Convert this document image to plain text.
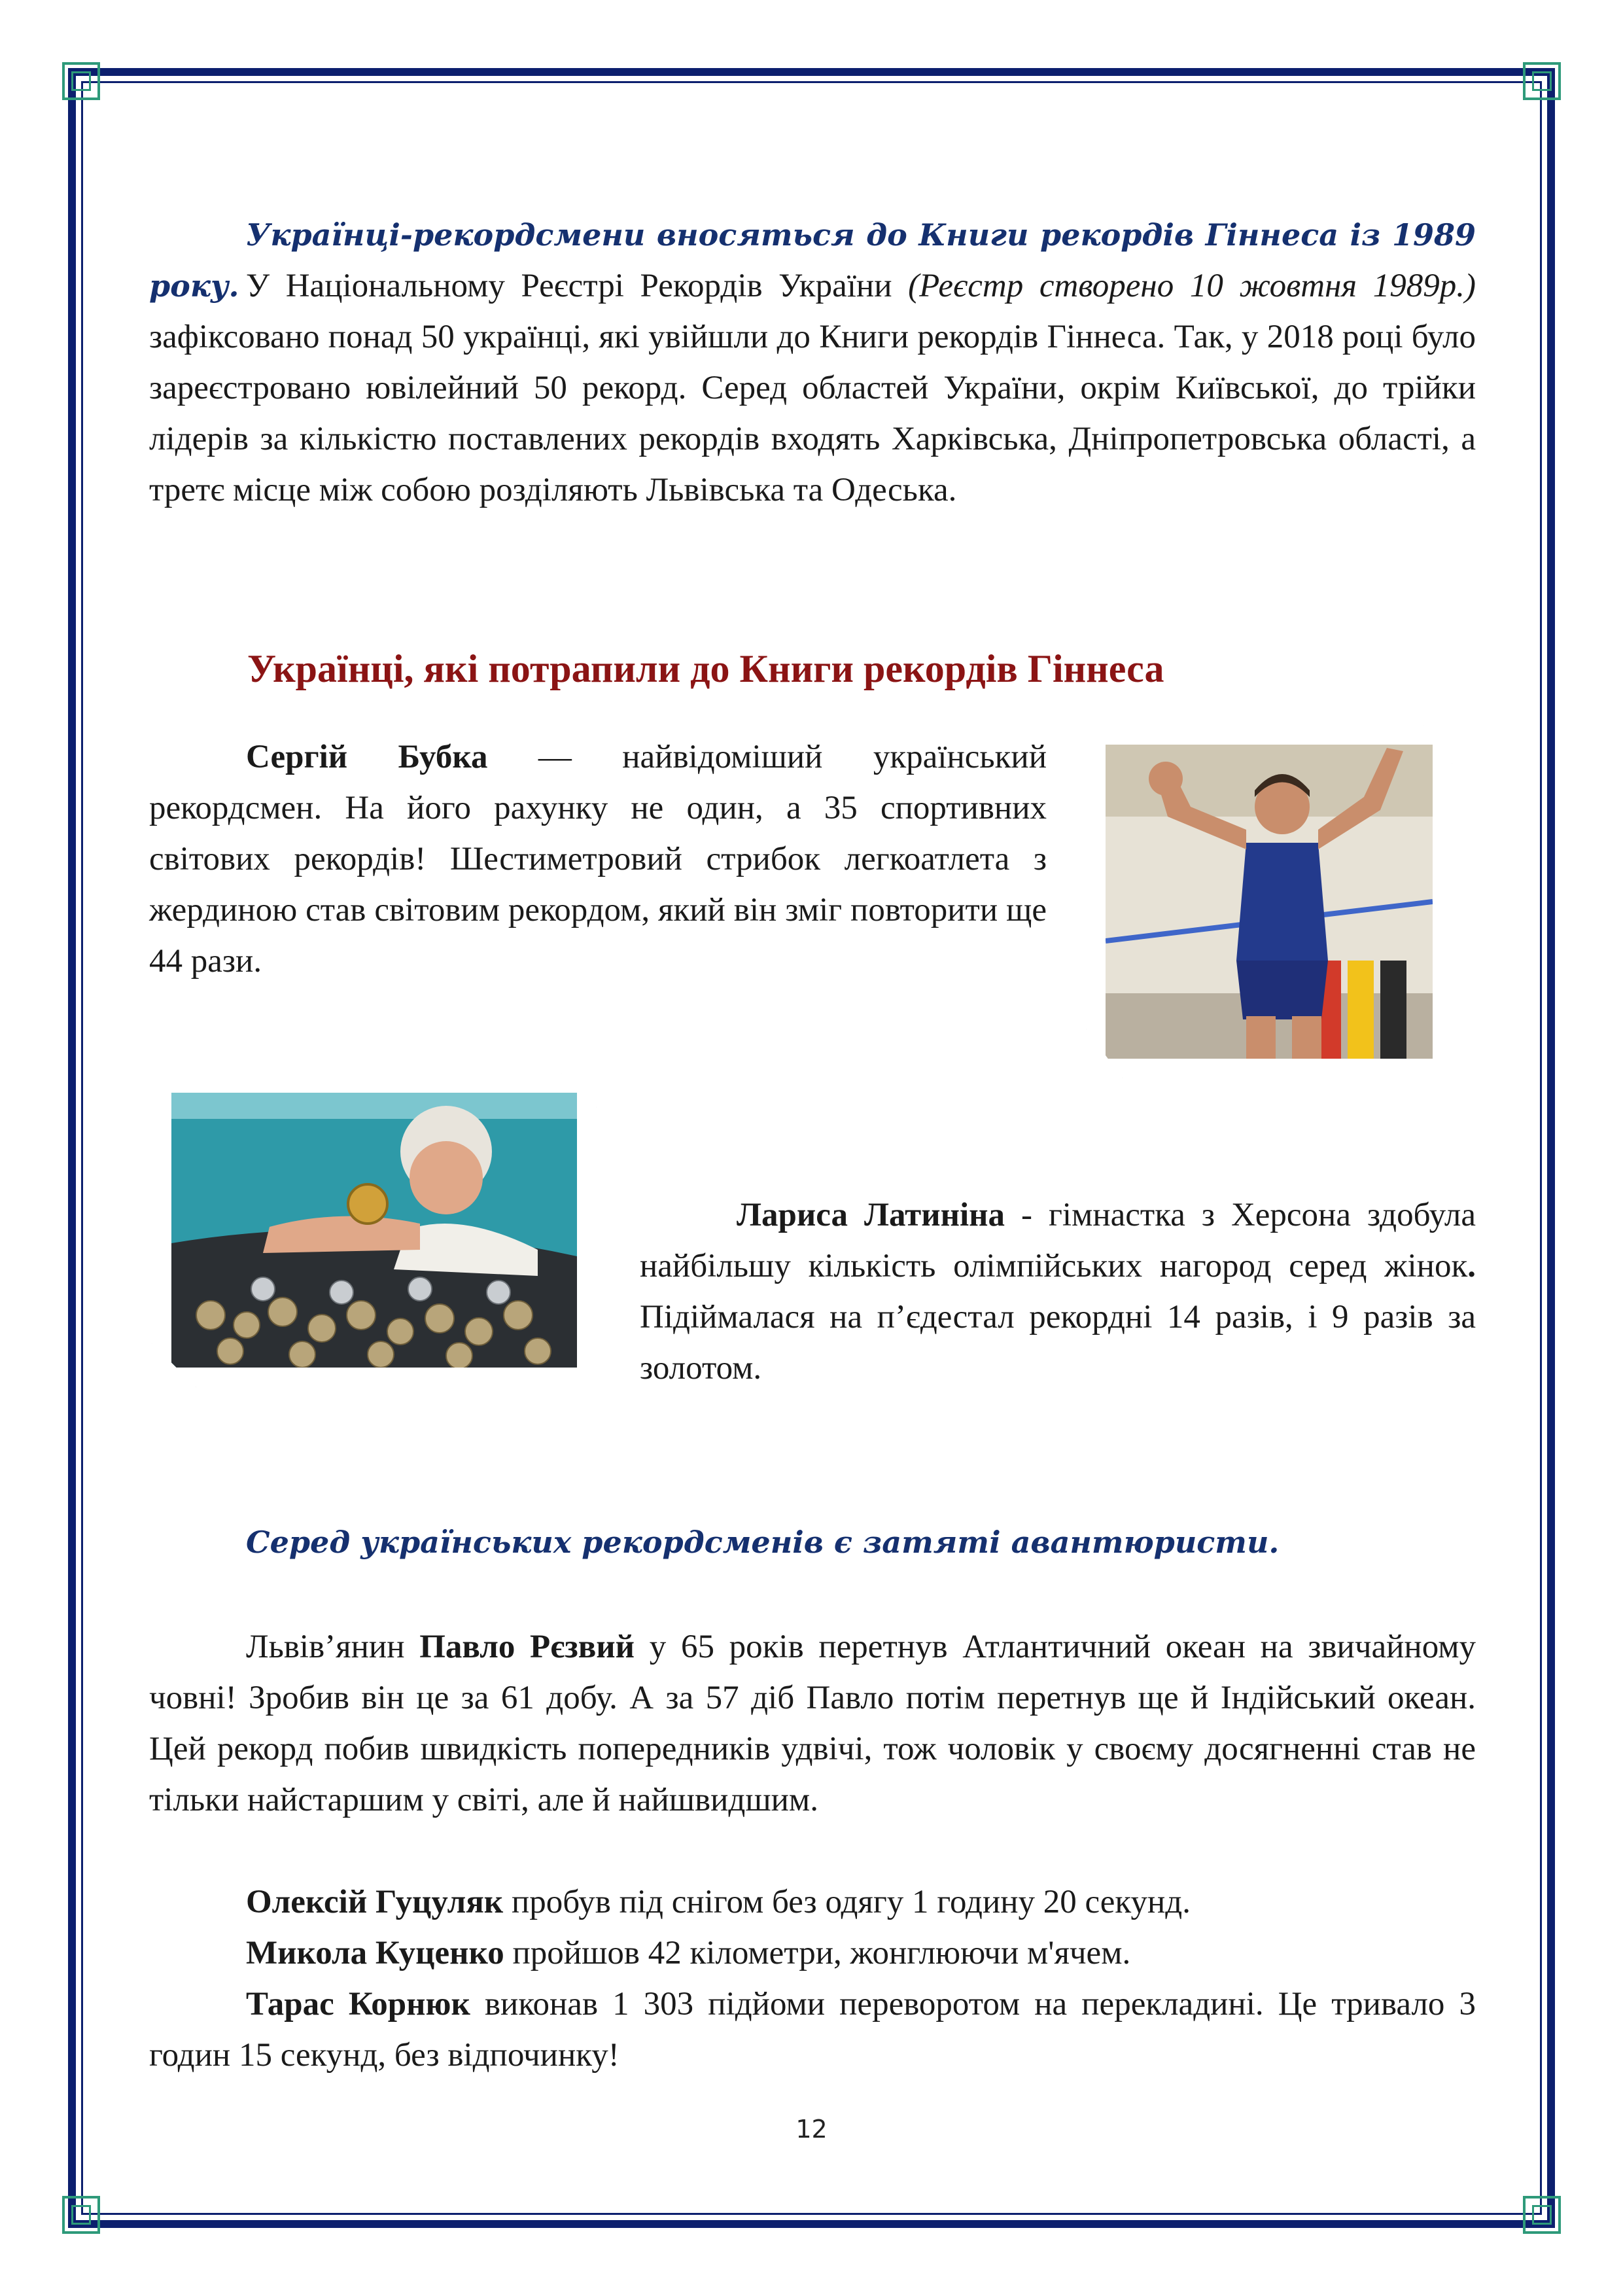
Українці-рекордсмени вносяться до Книги рекордів Гіннеса із 1989 року. У Національному Реєстрі Рекордів України (Реєстр створено 10 жовтня 1989р.) зафіксовано понад 50 українці, які увійшли до Книги рекордів Гіннеса. Так, у 2018 році було зареєстровано ювілейний 50 рекорд. Серед областей України, окрім Київської, до трійки лідерів за кількістю поставлених рекордів входять Харківська, Дніпропетровська області, а третє місце між собою розділяють Львівська та Одеська.

Українці, які потрапили до Книги рекордів Гіннеса

Сергій Бубка — найвідоміший український рекордсмен. На його рахунку не один, а 35 спортивних світових рекордів! Шестиметровий стрибок легкоатлета з жердиною став світовим рекордом, який він зміг повторити ще 44 рази.

Лариса Латиніна - гімнастка з Херсона здобула найбільшу кількість олімпійських нагород серед жінок. Підіймалася на п’єдестал рекордні 14 разів, і 9 разів за золотом.

Серед українських рекордсменів є затяті авантюристи.

Львів’янин Павло Рєзвий у 65 років перетнув Атлантичний океан на звичайному човні! Зробив він це за 61 добу. А за 57 діб Павло потім перетнув ще й Індійський океан. Цей рекорд побив швидкість попередників удвічі, тож чоловік у своєму досягненні став не тільки найстаршим у світі, але й найшвидшим.

Олексій Гуцуляк пробув під снігом без одягу 1 годину 20 секунд.

Микола Куценко пройшов 42 кілометри, жонглюючи м'ячем.

Тарас Корнюк виконав 1 303 підйоми переворотом на перекладині. Це тривало 3 годин 15 секунд, без відпочинку!

12
